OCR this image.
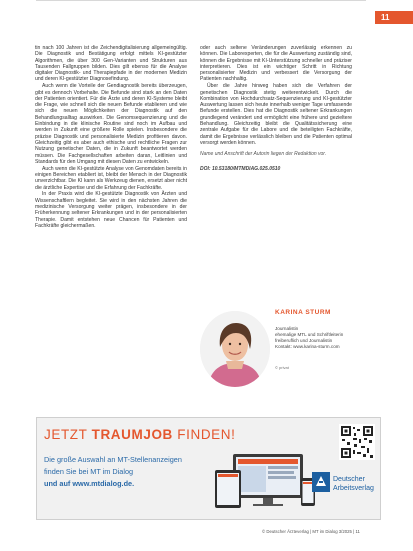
11

tin nach 100 Jahren ist die Zeichendigitalisierung allgemeingültig. Die Diagnostik und Bestätigung erfolgt mittels KI-gestützter Algorithmen, die über 300 Gen-Varianten und Strukturen aus Tausenden Fallgruppen bilden. Dies gilt ebenso für die Analyse digitaler Diagnostik- und Therapiepfade in der modernen Medizin und deren KI-gestützter Diagnosefindung.

Auch wenn die Vorteile der Gendiagnostik bereits überzeugen, gibt es dennoch Vorbehalte. Die Befunde sind stark an den Daten der Patienten orientiert. Für die Ärzte und deren KI-Systeme bleibt die Frage, wie schnell sich die neuen Befunde etablieren und wie sich die neuen Möglichkeiten der Diagnostik auf den Behandlungsalltag auswirken. Die Genomsequenzierung und die Einbindung in die klinische Routine sind noch im Aufbau und werden in Zukunft eine größere Rolle spielen. Insbesondere die präzise Diagnostik und personalisierte Medizin profitieren davon. Gleichzeitig gibt es aber auch ethische und rechtliche Fragen zur Nutzung genetischer Daten, die in Zukunft beantwortet werden müssen. Die Fachgesellschaften arbeiten daran, Leitlinien und Standards für den Umgang mit diesen Daten zu entwickeln.

Auch wenn die KI-gestützte Analyse von Genomdaten bereits in einigen Bereichen etabliert ist, bleibt der Mensch in der Diagnostik unverzichtbar. Die KI kann als Werkzeug dienen, ersetzt aber nicht die ärztliche Expertise und die Erfahrung der Fachkräfte.

In der Praxis wird die KI-gestützte Diagnostik von Ärzten und Wissenschaftlern begleitet. Sie wird in den nächsten Jahren die medizinische Versorgung weiter prägen, insbesondere in der Früherkennung seltener Erkrankungen und in der personalisierten Therapie. Damit entstehen neue Chancen für Patienten und Fachkräfte gleichermaßen.

oder auch seltene Veränderungen zuverlässig erkennen zu können. Die Laborexperten, die für die Auswertung zuständig sind, können die Ergebnisse mit KI-Unterstützung schneller und präziser interpretieren. Dies ist ein wichtiger Schritt in Richtung personalisierter Medizin und verbessert die Versorgung der Patienten nachhaltig.

Über die Jahre hinweg haben sich die Verfahren der genetischen Diagnostik stetig weiterentwickelt. Durch die Kombination von Hochdurchsatz-Sequenzierung und KI-gestützter Auswertung lassen sich heute innerhalb weniger Tage umfassende Befunde erstellen. Dies hat die Diagnostik seltener Erkrankungen grundlegend verändert und ermöglicht eine frühere und gezieltere Behandlung. Gleichzeitig bleibt die Qualitätssicherung eine zentrale Aufgabe für die Labore und die beteiligten Fachkräfte, damit die Ergebnisse verlässlich bleiben und die Patienten optimal versorgt werden können.

Name und Anschrift der Autorin liegen der Redaktion vor.

DOI: 10.53180/MTMDIAG.025.0510

KARINA STURM
Journalistin
ehemalige MTL und Schriftleiterin
freiberuflich und Journalistin
Kontakt: www.karina-sturm.com
© privat
JETZT TRAUMJOB FINDEN!
Die große Auswahl an MT-Stellenanzeigen
finden Sie bei MT im Dialog
und auf www.mtdialog.de.	Deutscher
Arbeitsverlag
© Deutscher Ärzteverlag | MT im Dialog 3/2025 | 11
